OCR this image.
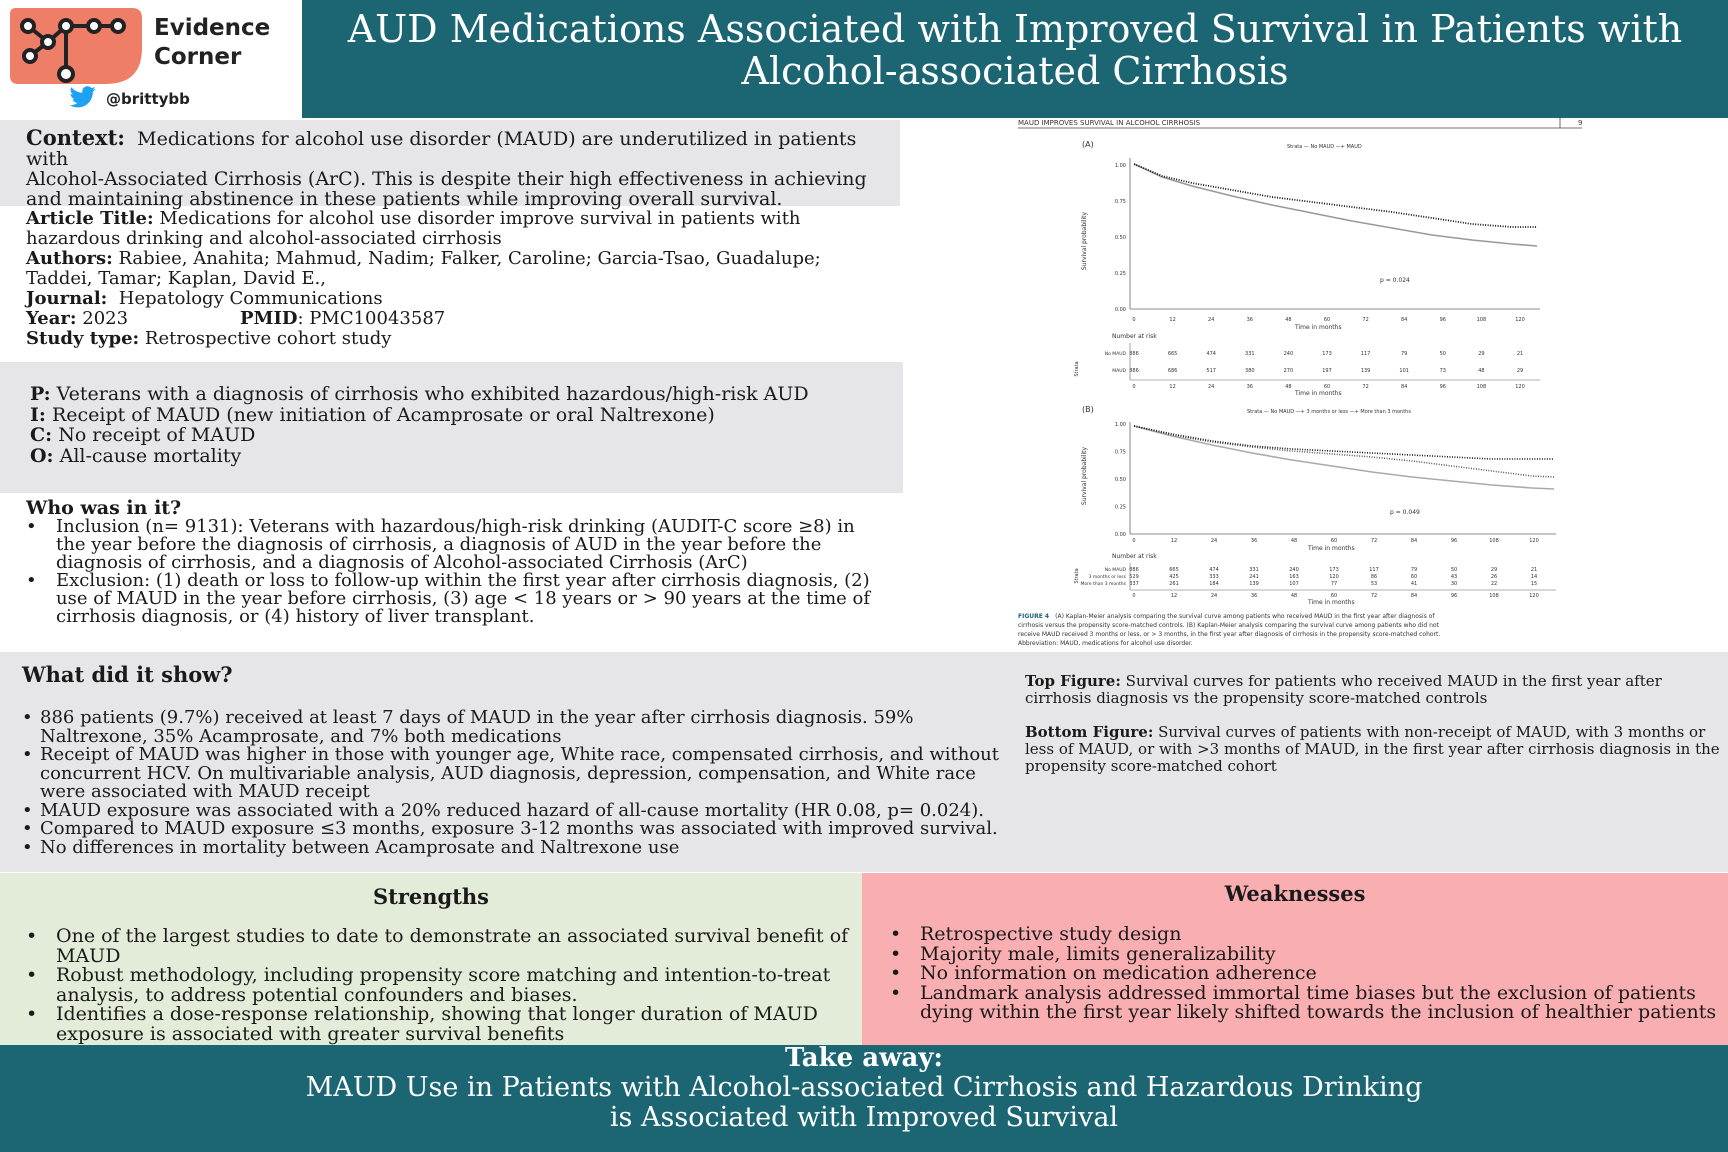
Evidence
Corner
@brittybb
AUD Medications Associated with Improved Survival in Patients with
Alcohol-associated Cirrhosis
Context: Medications for alcohol use disorder (MAUD) are underutilized in patients with
Alcohol-Associated Cirrhosis (ArC). This is despite their high effectiveness in achieving
and maintaining abstinence in these patients while improving overall survival.
Article Title: Medications for alcohol use disorder improve survival in patients with
hazardous drinking and alcohol-associated cirrhosis
Authors: Rabiee, Anahita; Mahmud, Nadim; Falker, Caroline; Garcia-Tsao, Guadalupe;
Taddei, Tamar; Kaplan, David E.,
Journal: Hepatology Communications
Year: 2023	PMID: PMC10043587
Study type: Retrospective cohort study
P: Veterans with a diagnosis of cirrhosis who exhibited hazardous/high-risk AUD
I: Receipt of MAUD (new initiation of Acamprosate or oral Naltrexone)
C: No receipt of MAUD
O: All-cause mortality
Who was in it?
• Inclusion (n= 9131): Veterans with hazardous/high-risk drinking (AUDIT-C score ≥8) in
the year before the diagnosis of cirrhosis, a diagnosis of AUD in the year before the
diagnosis of cirrhosis, and a diagnosis of Alcohol-associated Cirrhosis (ArC)
• Exclusion: (1) death or loss to follow-up within the first year after cirrhosis diagnosis, (2)
use of MAUD in the year before cirrhosis, (3) age < 18 years or > 90 years at the time of
cirrhosis diagnosis, or (4) history of liver transplant.
What did it show?
• 886 patients (9.7%) received at least 7 days of MAUD in the year after cirrhosis diagnosis. 59%
Naltrexone, 35% Acamprosate, and 7% both medications
• Receipt of MAUD was higher in those with younger age, White race, compensated cirrhosis, and without
concurrent HCV. On multivariable analysis, AUD diagnosis, depression, compensation, and White race
were associated with MAUD receipt
• MAUD exposure was associated with a 20% reduced hazard of all-cause mortality (HR 0.08, p= 0.024).
• Compared to MAUD exposure ≤3 months, exposure 3-12 months was associated with improved survival.
• No differences in mortality between Acamprosate and Naltrexone use
Top Figure: Survival curves for patients who received MAUD in the first year after
cirrhosis diagnosis vs the propensity score-matched controls
Bottom Figure: Survival curves of patients with non-receipt of MAUD, with 3 months or
less of MAUD, or with >3 months of MAUD, in the first year after cirrhosis diagnosis in the
propensity score-matched cohort
MAUD IMPROVES SURVIVAL IN ALCOHOL CIRRHOSIS	9
(A)	Strata — No MAUD —+ MAUD
Survival probability
1.00
0.75
0.50
0.25
0.00
0	12	24	36	48	60	72	84	96	108	120
Time in months
p = 0.024
Number at risk
Strata
No MAUD 886	665	474	331	240	173	117	79	50	29	21
MAUD 886	686	517	380	270	197	139	101	73	48	29
0	12	24	36	48	60	72	84	96	108	120
Time in months
(B)	Strata — No MAUD —+ 3 months or less —+ More than 3 months
Survival probability
1.00
0.75
0.50
0.25
0.00
0	12	24	36	48	60	72	84	96	108	120
Time in months
p = 0.049
Number at risk
Strata	No MAUD 886	665	474	331	240	173	117	79	50	29	21
3 months or less 529	425	333	241	163	120	86	60	43	26	14
More than 3 months 337	261	184	139	107	77	53	41	30	22	15
0	12	24	36	48	60	72	84	96	108	120
Time in months
FIGURE 4 (A) Kaplan-Meier analysis comparing the survival curve among patients who received MAUD in the first year after diagnosis of
cirrhosis versus the propensity score-matched controls. (B) Kaplan-Meier analysis comparing the survival curve among patients who did not
receive MAUD received 3 months or less, or > 3 months, in the first year after diagnosis of cirrhosis in the propensity score-matched cohort.
Abbreviation: MAUD, medications for alcohol use disorder.
Strengths
• One of the largest studies to date to demonstrate an associated survival benefit of
MAUD
• Robust methodology, including propensity score matching and intention-to-treat
analysis, to address potential confounders and biases.
• Identifies a dose-response relationship, showing that longer duration of MAUD
exposure is associated with greater survival benefits
Weaknesses
• Retrospective study design
• Majority male, limits generalizability
• No information on medication adherence
• Landmark analysis addressed immortal time biases but the exclusion of patients
dying within the first year likely shifted towards the inclusion of healthier patients
Take away:
MAUD Use in Patients with Alcohol-associated Cirrhosis and Hazardous Drinking
is Associated with Improved Survival
